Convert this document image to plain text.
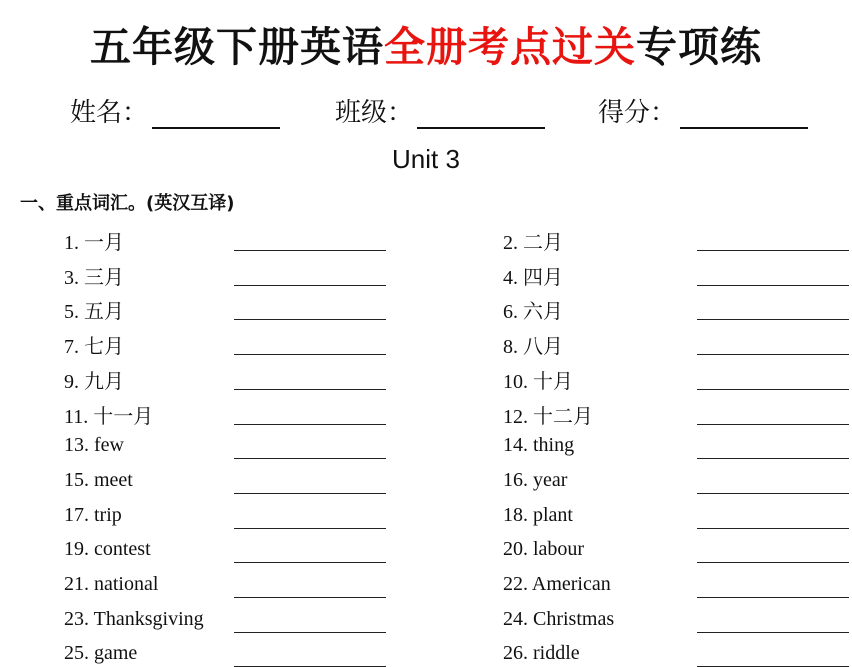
五年级下册英语全册考点过关专项练
姓名：	班级：	得分：
Unit 3
一、重点词汇。(英汉互译)
1. 一月	2. 二月
3. 三月	4. 四月
5. 五月	6. 六月
7. 七月	8. 八月
9. 九月	10. 十月
11. 十一月	12. 十二月
13. few	14. thing
15. meet	16. year
17. trip	18. plant
19. contest	20. labour
21. national	22. American
23. Thanksgiving	24. Christmas
25. game	26. riddle
